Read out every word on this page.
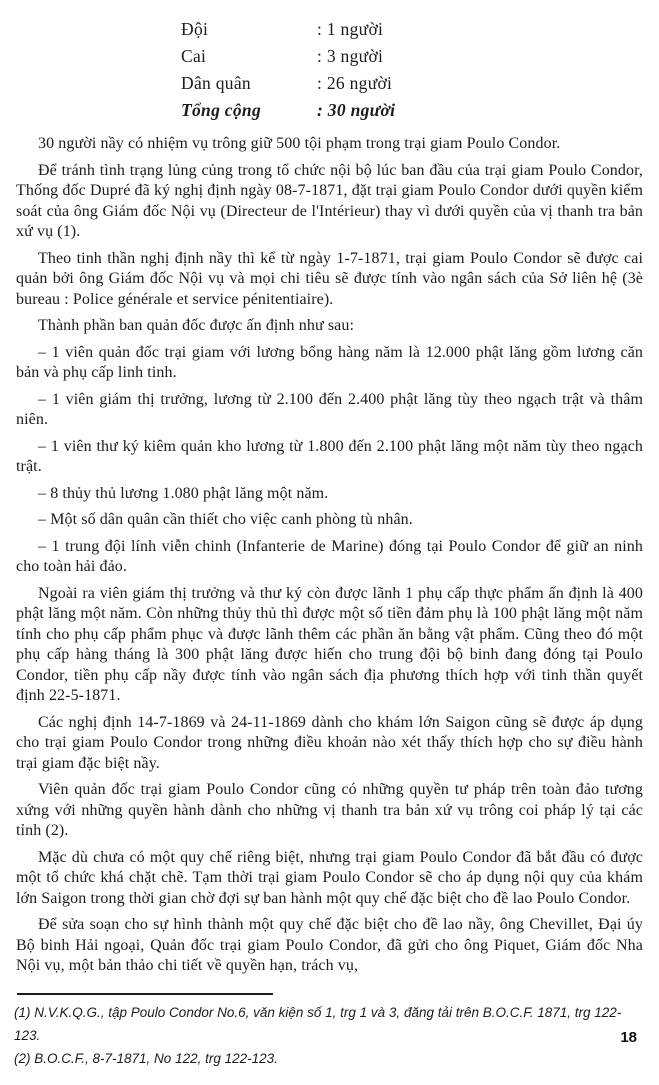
Đội	: 1 người
Cai	: 3 người
Dân quân	: 26 người
Tổng cộng	: 30 người

30 người nầy có nhiệm vụ trông giữ 500 tội phạm trong trại giam Poulo Condor.

Để tránh tình trạng lủng củng trong tổ chức nội bộ lúc ban đầu của trại giam Poulo Condor, Thống đốc Dupré đã ký nghị định ngày 08-7-1871, đặt trại giam Poulo Condor dưới quyền kiểm soát của ông Giám đốc Nội vụ (Directeur de l'Intérieur) thay vì dưới quyền của vị thanh tra bản xứ vụ (1).

Theo tinh thần nghị định nầy thì kể từ ngày 1-7-1871, trại giam Poulo Condor sẽ được cai quản bởi ông Giám đốc Nội vụ và mọi chi tiêu sẽ được tính vào ngân sách của Sở liên hệ (3è bureau : Police générale et service pénitentiaire).

Thành phần ban quản đốc được ấn định như sau:

– 1 viên quản đốc trại giam với lương bổng hàng năm là 12.000 phật lăng gồm lương căn bản và phụ cấp linh tinh.

– 1 viên giám thị trưởng, lương từ 2.100 đến 2.400 phật lăng tùy theo ngạch trật và thâm niên.

– 1 viên thư ký kiêm quản kho lương từ 1.800 đến 2.100 phật lăng một năm tùy theo ngạch trật.

– 8 thủy thủ lương 1.080 phật lăng một năm.

– Một số dân quân cần thiết cho việc canh phòng tù nhân.

– 1 trung đội lính viễn chinh (Infanterie de Marine) đóng tại Poulo Condor để giữ an ninh cho toàn hải đảo.

Ngoài ra viên giám thị trưởng và thư ký còn được lãnh 1 phụ cấp thực phẩm ấn định là 400 phật lăng một năm. Còn những thủy thủ thì được một số tiền đảm phụ là 100 phật lăng một năm tính cho phụ cấp phẩm phục và được lãnh thêm các phần ăn bằng vật phẩm. Cũng theo đó một phụ cấp hàng tháng là 300 phật lăng được hiến cho trung đội bộ binh đang đóng tại Poulo Condor, tiền phụ cấp nầy được tính vào ngân sách địa phương thích hợp với tinh thần quyết định 22-5-1871.

Các nghị định 14-7-1869 và 24-11-1869 dành cho khám lớn Saigon cũng sẽ được áp dụng cho trại giam Poulo Condor trong những điều khoản nào xét thấy thích hợp cho sự điều hành trại giam đặc biệt nầy.

Viên quản đốc trại giam Poulo Condor cũng có những quyền tư pháp trên toàn đảo tương xứng với những quyền hành dành cho những vị thanh tra bản xứ vụ trông coi pháp lý tại các tỉnh (2).

Mặc dù chưa có một quy chế riêng biệt, nhưng trại giam Poulo Condor đã bắt đầu có được một tổ chức khá chặt chẽ. Tạm thời trại giam Poulo Condor sẽ cho áp dụng nội quy của khám lớn Saigon trong thời gian chờ đợi sự ban hành một quy chế đặc biệt cho đề lao Poulo Condor.

Để sửa soạn cho sự hình thành một quy chế đặc biệt cho đề lao nầy, ông Chevillet, Đại úy Bộ binh Hải ngoại, Quản đốc trại giam Poulo Condor, đã gửi cho ông Piquet, Giám đốc Nha Nội vụ, một bản thảo chi tiết về quyền hạn, trách vụ,

(1) N.V.K.Q.G., tập Poulo Condor No.6, văn kiện số 1, trg 1 và 3, đăng tải trên B.O.C.F. 1871, trg 122-123.
(2) B.O.C.F., 8-7-1871, No 122, trg 122-123.
18
